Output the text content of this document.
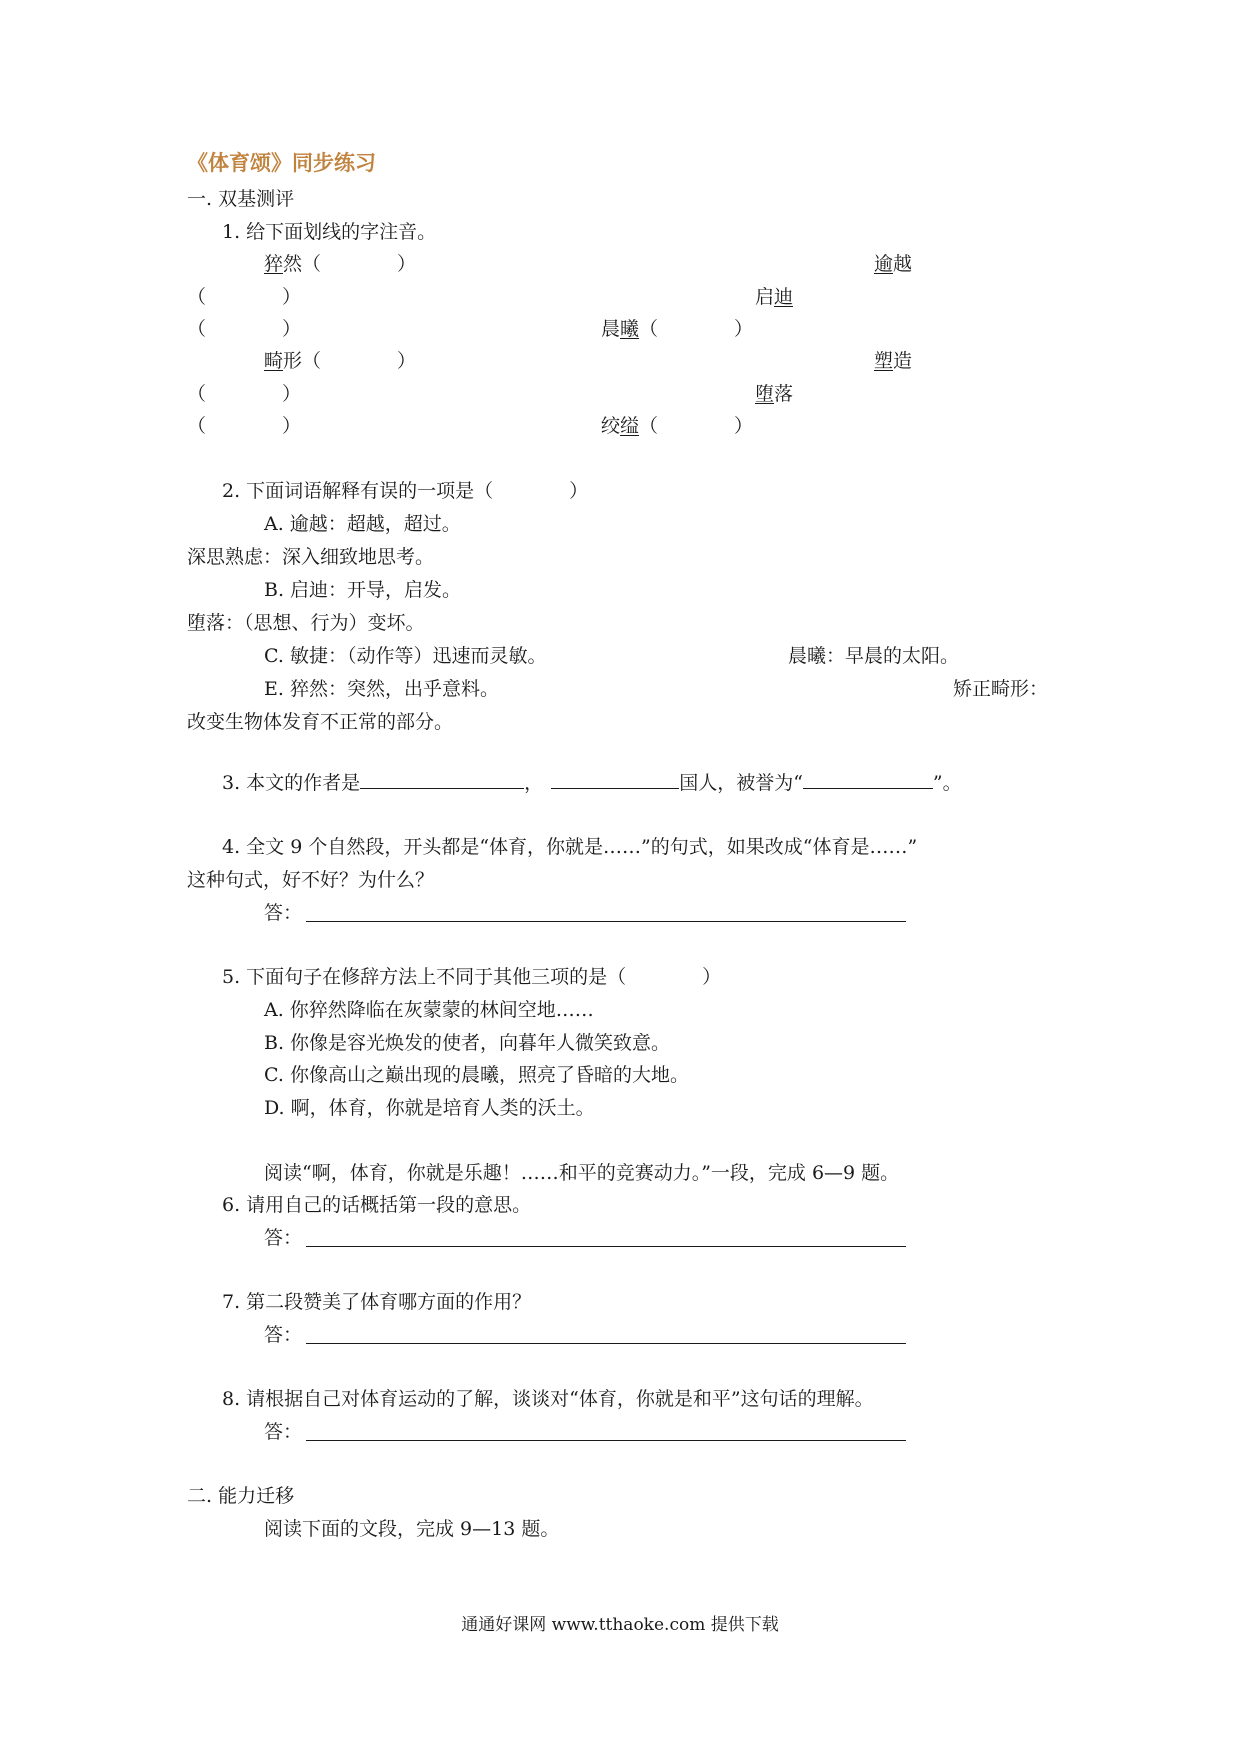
《体育颂》同步练习
一. 双基测评
1. 给下面划线的字注音。
猝然（　　　　）	逾越
（　　　　）	启迪
（　　　　）	晨曦（　　　　）
畸形（　　　　）	塑造
（　　　　）	堕落
（　　　　）	绞缢（　　　　）
2. 下面词语解释有误的一项是（　　　　）
A. 逾越：超越，超过。
深思熟虑：深入细致地思考。
B. 启迪：开导，启发。
堕落：（思想、行为）变坏。
C. 敏捷：（动作等）迅速而灵敏。	晨曦：早晨的太阳。
E. 猝然：突然，出乎意料。	矫正畸形：
改变生物体发育不正常的部分。
3. 本文的作者是	，	国人，被誉为“	”。
4. 全文 9 个自然段，开头都是“体育，你就是……”的句式，如果改成“体育是……”
这种句式，好不好？为什么？
答：
5. 下面句子在修辞方法上不同于其他三项的是（　　　　）
A. 你猝然降临在灰蒙蒙的林间空地……
B. 你像是容光焕发的使者，向暮年人微笑致意。
C. 你像高山之巅出现的晨曦，照亮了昏暗的大地。
D. 啊，体育，你就是培育人类的沃土。
阅读“啊，体育，你就是乐趣！……和平的竞赛动力。”一段，完成 6—9 题。
6. 请用自己的话概括第一段的意思。
答：
7. 第二段赞美了体育哪方面的作用？
答：
8. 请根据自己对体育运动的了解，谈谈对“体育，你就是和平”这句话的理解。
答：
二. 能力迁移
阅读下面的文段，完成 9—13 题。
通通好课网 www.tthaoke.com 提供下载
